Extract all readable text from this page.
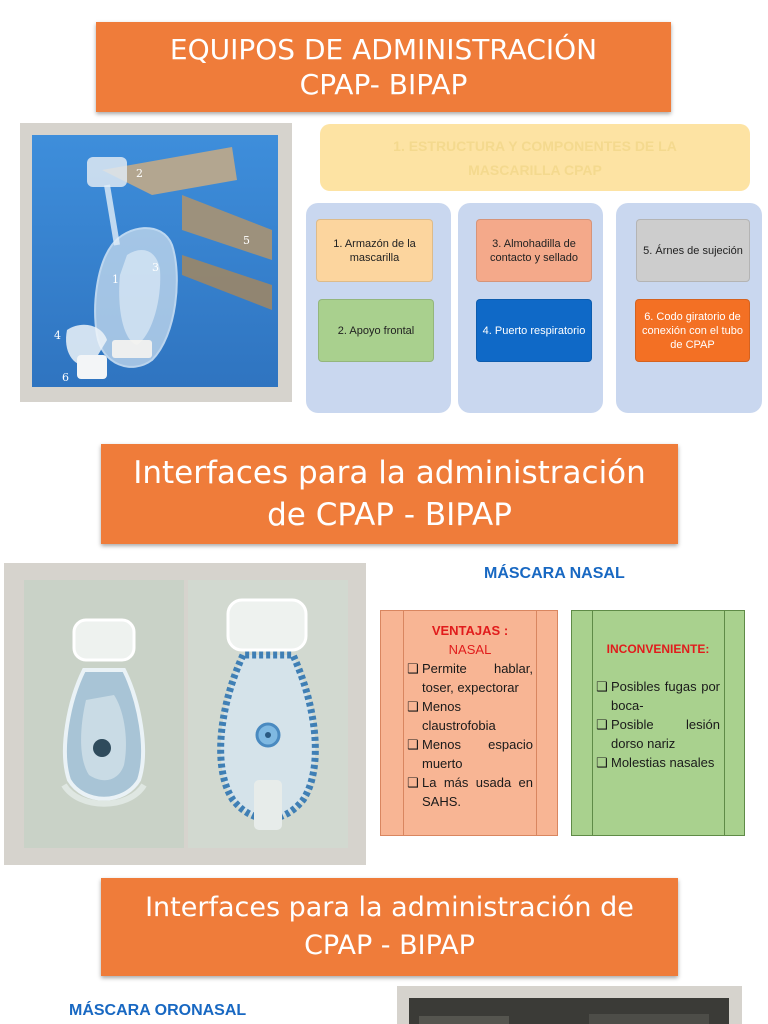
EQUIPOS DE ADMINISTRACIÓN
CPAP- BIPAP
2
1
3
5
4
6
1. ESTRUCTURA Y COMPONENTES DE LA
MASCARILLA CPAP
1. Armazón de la mascarilla
2. Apoyo frontal
3. Almohadilla de contacto y sellado
4. Puerto respiratorio
5. Árnes de sujeción
6. Codo giratorio de conexión con el tubo de CPAP
Interfaces para la administración
de CPAP - BIPAP
MÁSCARA NASAL
VENTAJAS :
NASAL
❑ Permite hablar, toser, expectorar
❑ Menos claustrofobia
❑ Menos espacio muerto
❑ La más usada en SAHS.
INCONVENIENTE:
❑ Posibles fugas por boca-
❑ Posible lesión dorso nariz
❑ Molestias nasales
Interfaces para la administración de
CPAP - BIPAP
MÁSCARA ORONASAL
